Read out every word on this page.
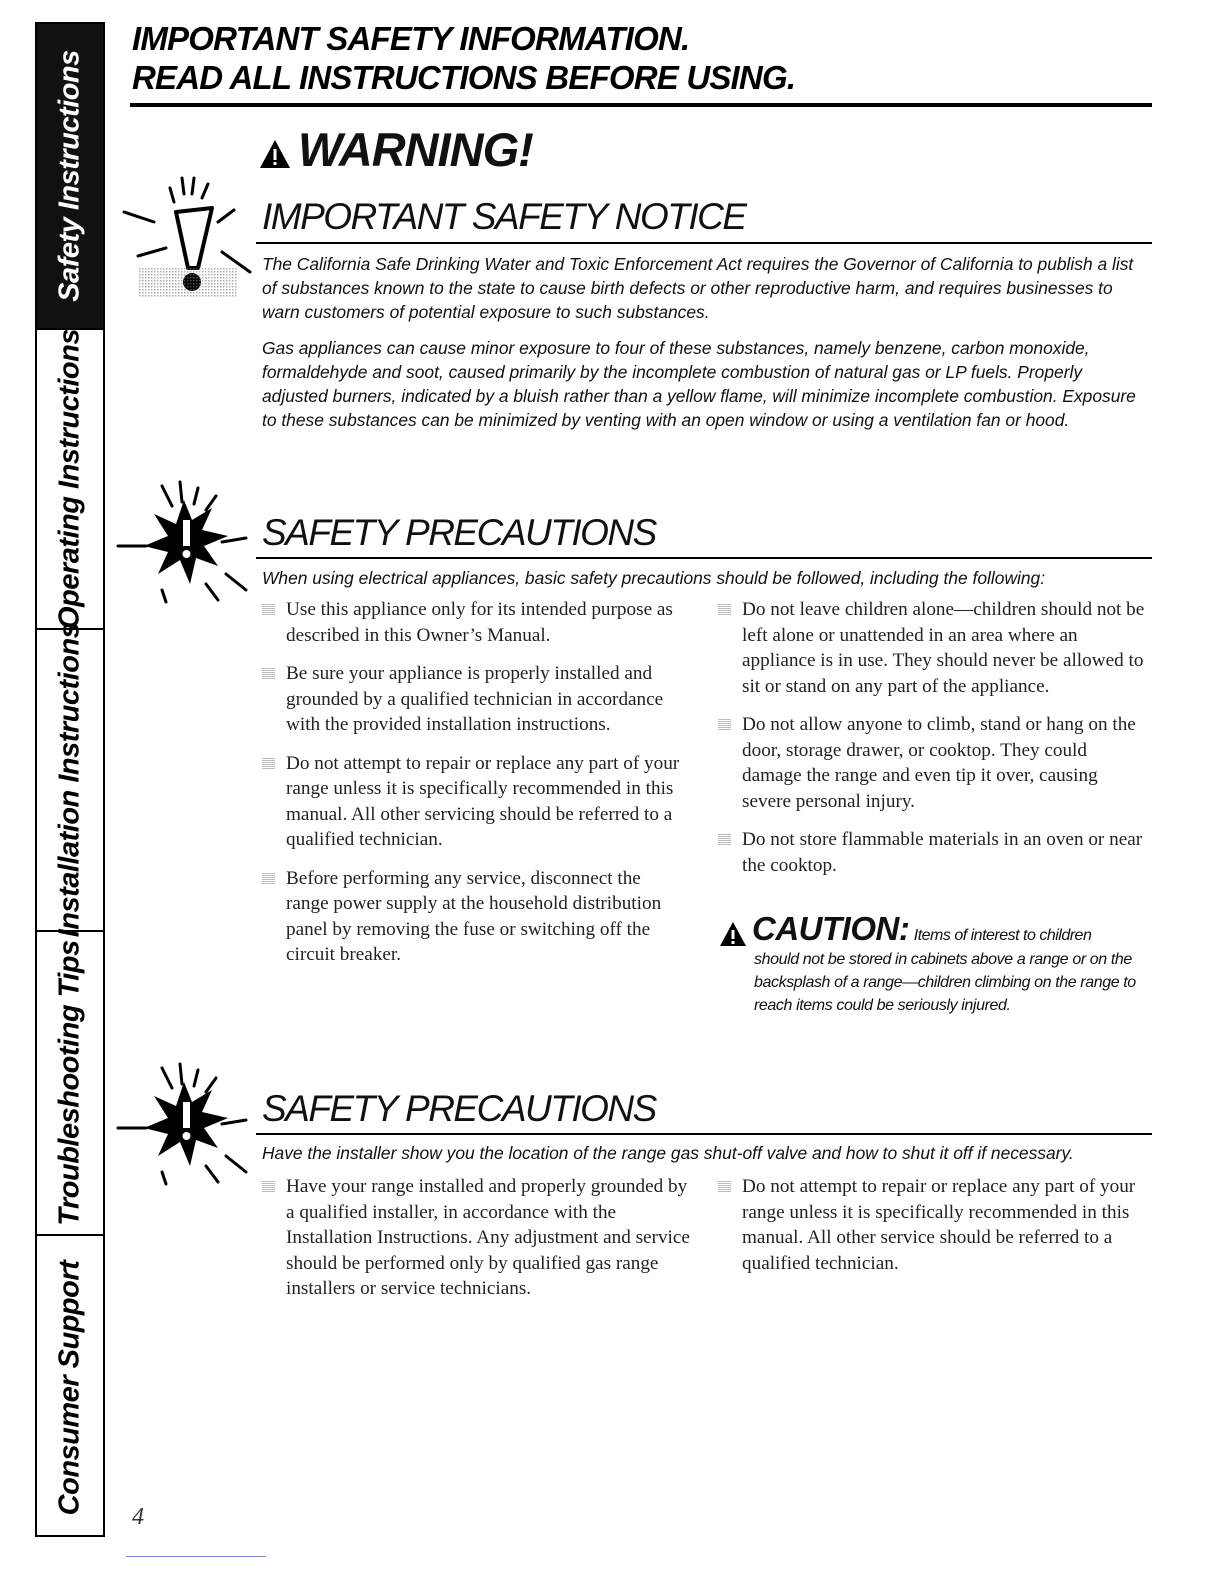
Safety Instructions
Operating Instructions
Installation Instructions
Troubleshooting Tips
Consumer Support
IMPORTANT SAFETY INFORMATION.
READ ALL INSTRUCTIONS BEFORE USING.
WARNING!
IMPORTANT SAFETY NOTICE
The California Safe Drinking Water and Toxic Enforcement Act requires the Governor of California to publish a list of substances known to the state to cause birth defects or other reproductive harm, and requires businesses to warn customers of potential exposure to such substances.
Gas appliances can cause minor exposure to four of these substances, namely benzene, carbon monoxide, formaldehyde and soot, caused primarily by the incomplete combustion of natural gas or LP fuels. Properly adjusted burners, indicated by a bluish rather than a yellow flame, will minimize incomplete combustion. Exposure to these substances can be minimized by venting with an open window or using a ventilation fan or hood.
SAFETY PRECAUTIONS
When using electrical appliances, basic safety precautions should be followed, including the following:
Use this appliance only for its intended purpose as described in this Owner’s Manual.
Be sure your appliance is properly installed and grounded by a qualified technician in accordance with the provided installation instructions.
Do not attempt to repair or replace any part of your range unless it is specifically recommended in this manual. All other servicing should be referred to a qualified technician.
Before performing any service, disconnect the range power supply at the household distribution panel by removing the fuse or switching off the circuit breaker.
Do not leave children alone—children should not be left alone or unattended in an area where an appliance is in use. They should never be allowed to sit or stand on any part of the appliance.
Do not allow anyone to climb, stand or hang on the door, storage drawer, or cooktop. They could damage the range and even tip it over, causing severe personal injury.
Do not store flammable materials in an oven or near the cooktop.
CAUTION: Items of interest to children
should not be stored in cabinets above a range or on the backsplash of a range—children climbing on the range to reach items could be seriously injured.
SAFETY PRECAUTIONS
Have the installer show you the location of the range gas shut-off valve and how to shut it off if necessary.
Have your range installed and properly grounded by a qualified installer, in accordance with the Installation Instructions. Any adjustment and service should be performed only by qualified gas range installers or service technicians.
Do not attempt to repair or replace any part of your range unless it is specifically recommended in this manual. All other service should be referred to a qualified technician.
4
